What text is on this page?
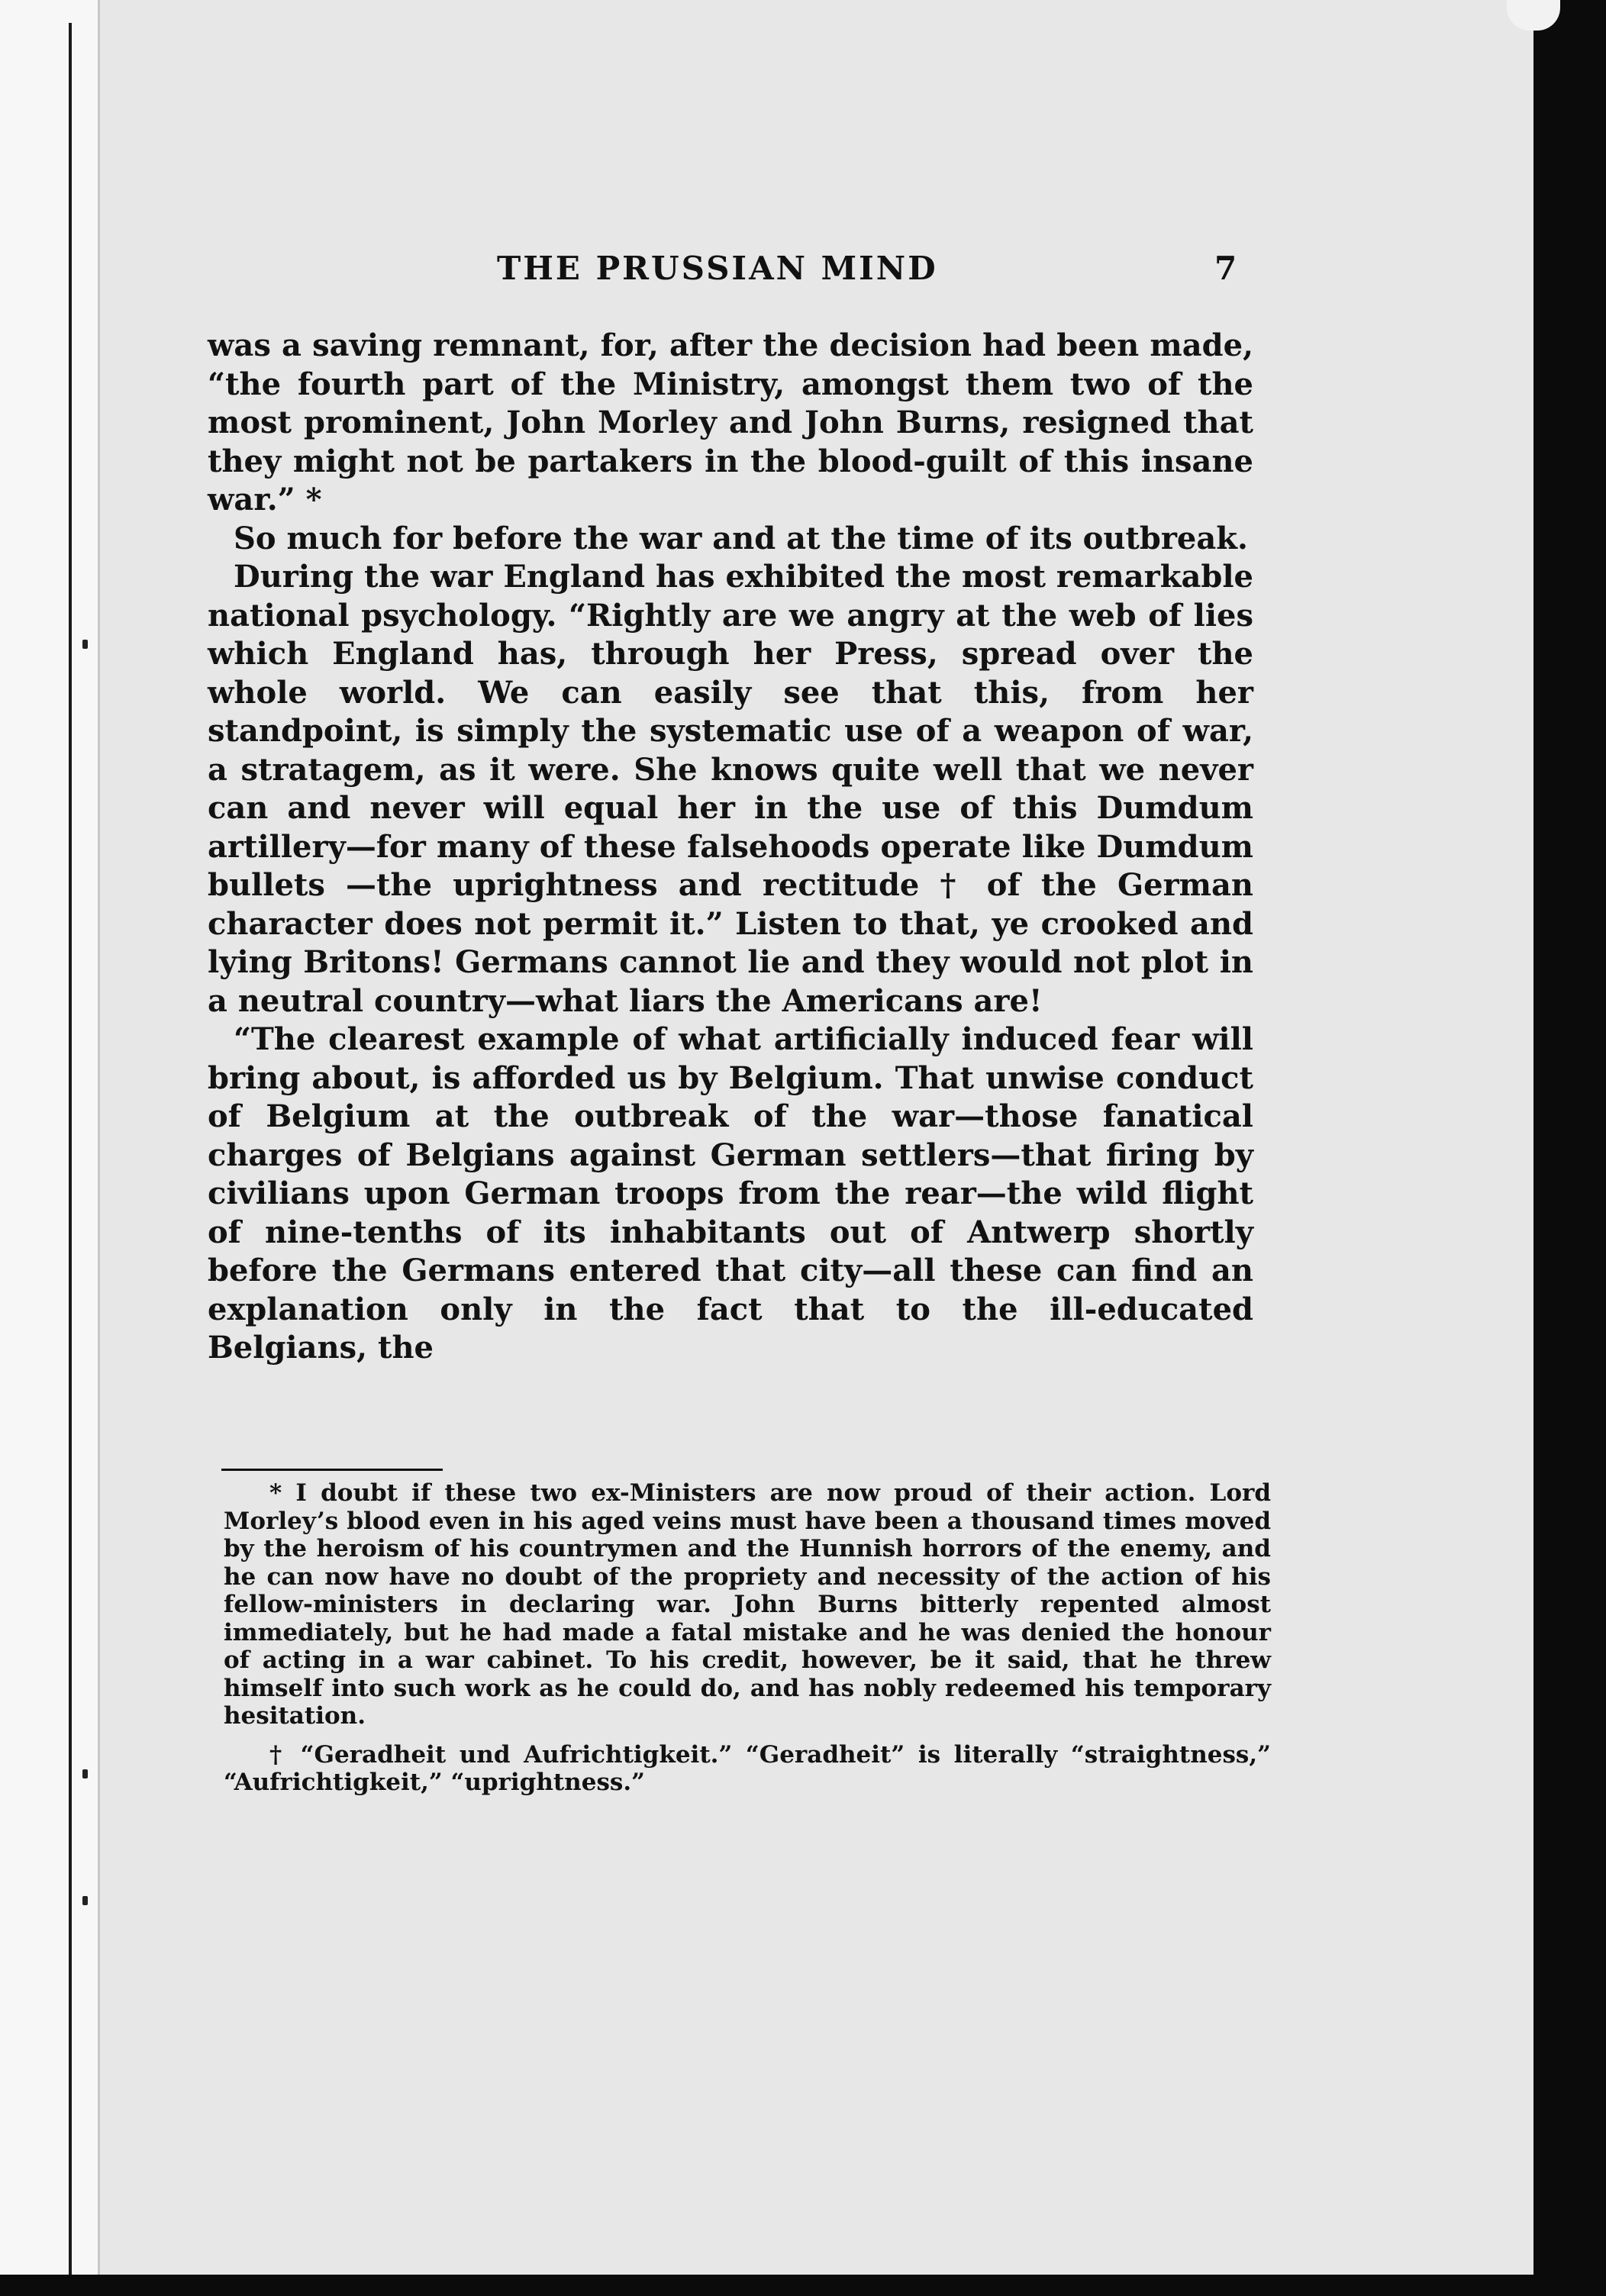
THE PRUSSIAN MIND	7

was a saving remnant, for, after the decision had been made, “the fourth part of the Ministry, amongst them two of the most prominent, John Morley and John Burns, resigned that they might not be partakers in the blood-guilt of this insane war.” *

So much for before the war and at the time of its outbreak.

During the war England has exhibited the most remarkable national psychology. “Rightly are we angry at the web of lies which England has, through her Press, spread over the whole world. We can easily see that this, from her standpoint, is simply the systematic use of a weapon of war, a stratagem, as it were. She knows quite well that we never can and never will equal her in the use of this Dumdum artillery—for many of these falsehoods operate like Dumdum bullets —the uprightness and rectitude † of the German character does not permit it.” Listen to that, ye crooked and lying Britons! Germans cannot lie and they would not plot in a neutral country—what liars the Americans are!

“The clearest example of what artificially induced fear will bring about, is afforded us by Belgium. That unwise conduct of Belgium at the outbreak of the war—those fanatical charges of Belgians against German settlers—that firing by civilians upon German troops from the rear—the wild flight of nine-tenths of its inhabitants out of Antwerp shortly before the Germans entered that city—all these can find an explanation only in the fact that to the ill-educated Belgians, the

* I doubt if these two ex-Ministers are now proud of their action. Lord Morley’s blood even in his aged veins must have been a thousand times moved by the heroism of his countrymen and the Hunnish horrors of the enemy, and he can now have no doubt of the propriety and necessity of the action of his fellow-ministers in declaring war. John Burns bitterly repented almost immediately, but he had made a fatal mistake and he was denied the honour of acting in a war cabinet. To his credit, however, be it said, that he threw himself into such work as he could do, and has nobly redeemed his temporary hesitation.

† “Geradheit und Aufrichtigkeit.” “Geradheit” is literally “straightness,” “Aufrichtigkeit,” “uprightness.”
